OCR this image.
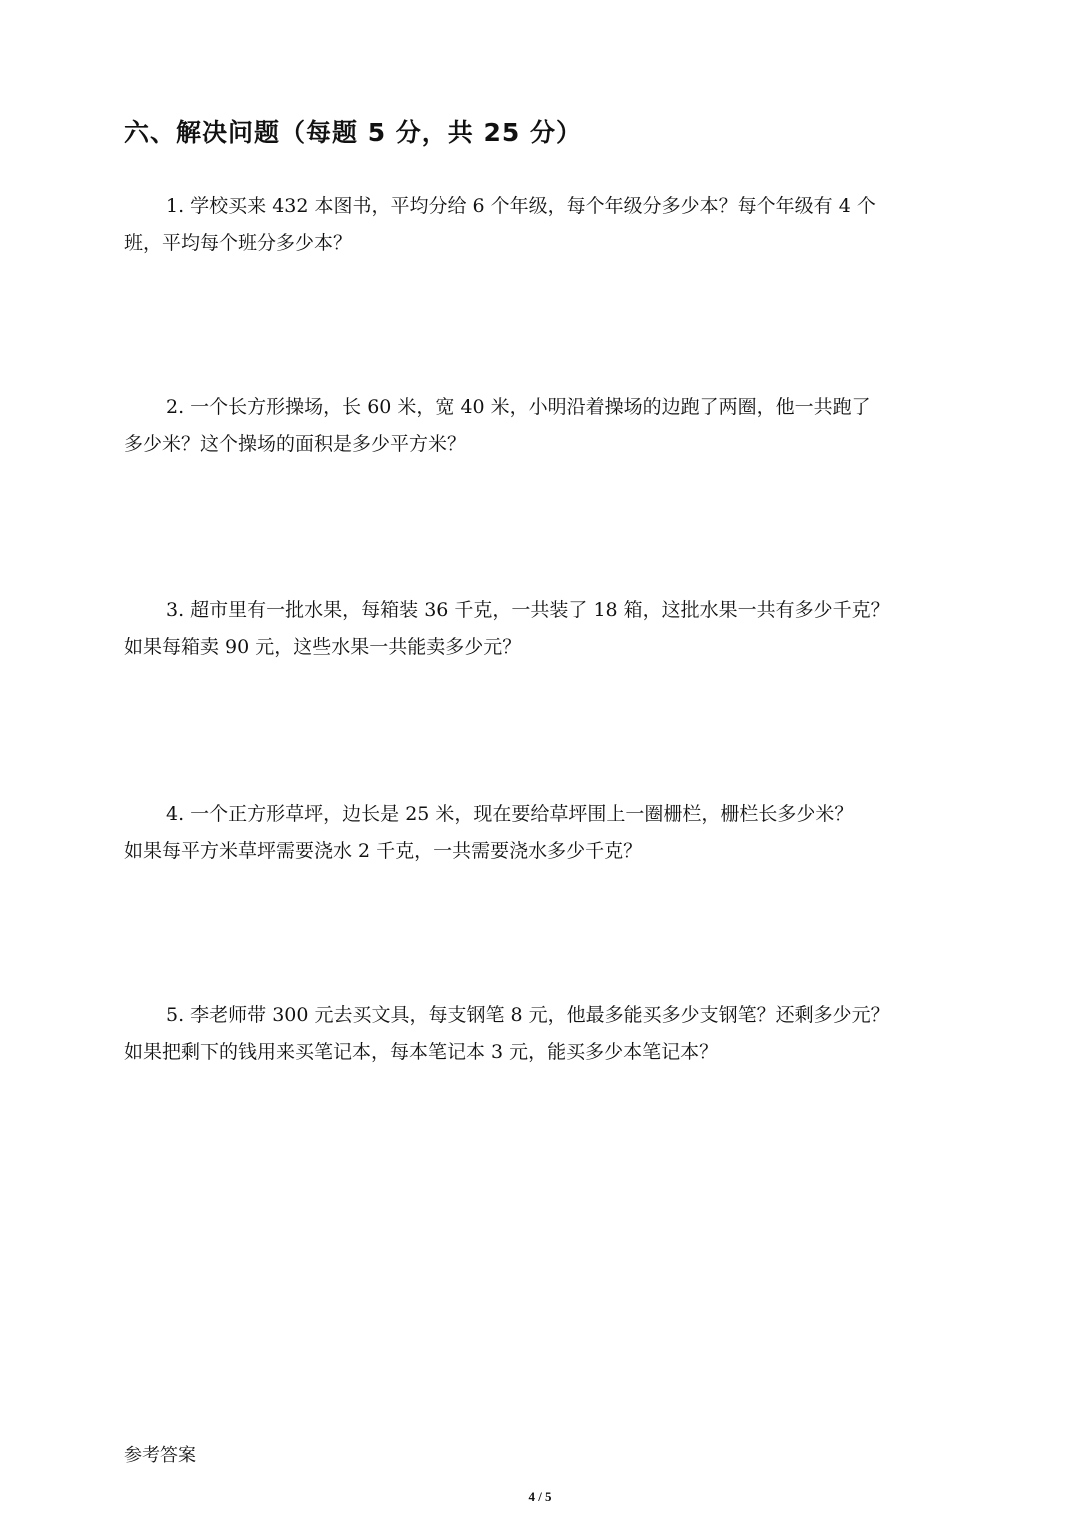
六、解决问题（每题 5 分，共 25 分）
1. 学校买来 432 本图书，平均分给 6 个年级，每个年级分多少本？每个年级有 4 个
班，平均每个班分多少本？
2. 一个长方形操场，长 60 米，宽 40 米，小明沿着操场的边跑了两圈，他一共跑了
多少米？这个操场的面积是多少平方米？
3. 超市里有一批水果，每箱装 36 千克，一共装了 18 箱，这批水果一共有多少千克？
如果每箱卖 90 元，这些水果一共能卖多少元？
4. 一个正方形草坪，边长是 25 米，现在要给草坪围上一圈栅栏，栅栏长多少米？
如果每平方米草坪需要浇水 2 千克，一共需要浇水多少千克？
5. 李老师带 300 元去买文具，每支钢笔 8 元，他最多能买多少支钢笔？还剩多少元？
如果把剩下的钱用来买笔记本，每本笔记本 3 元，能买多少本笔记本？
参考答案
4 / 5
